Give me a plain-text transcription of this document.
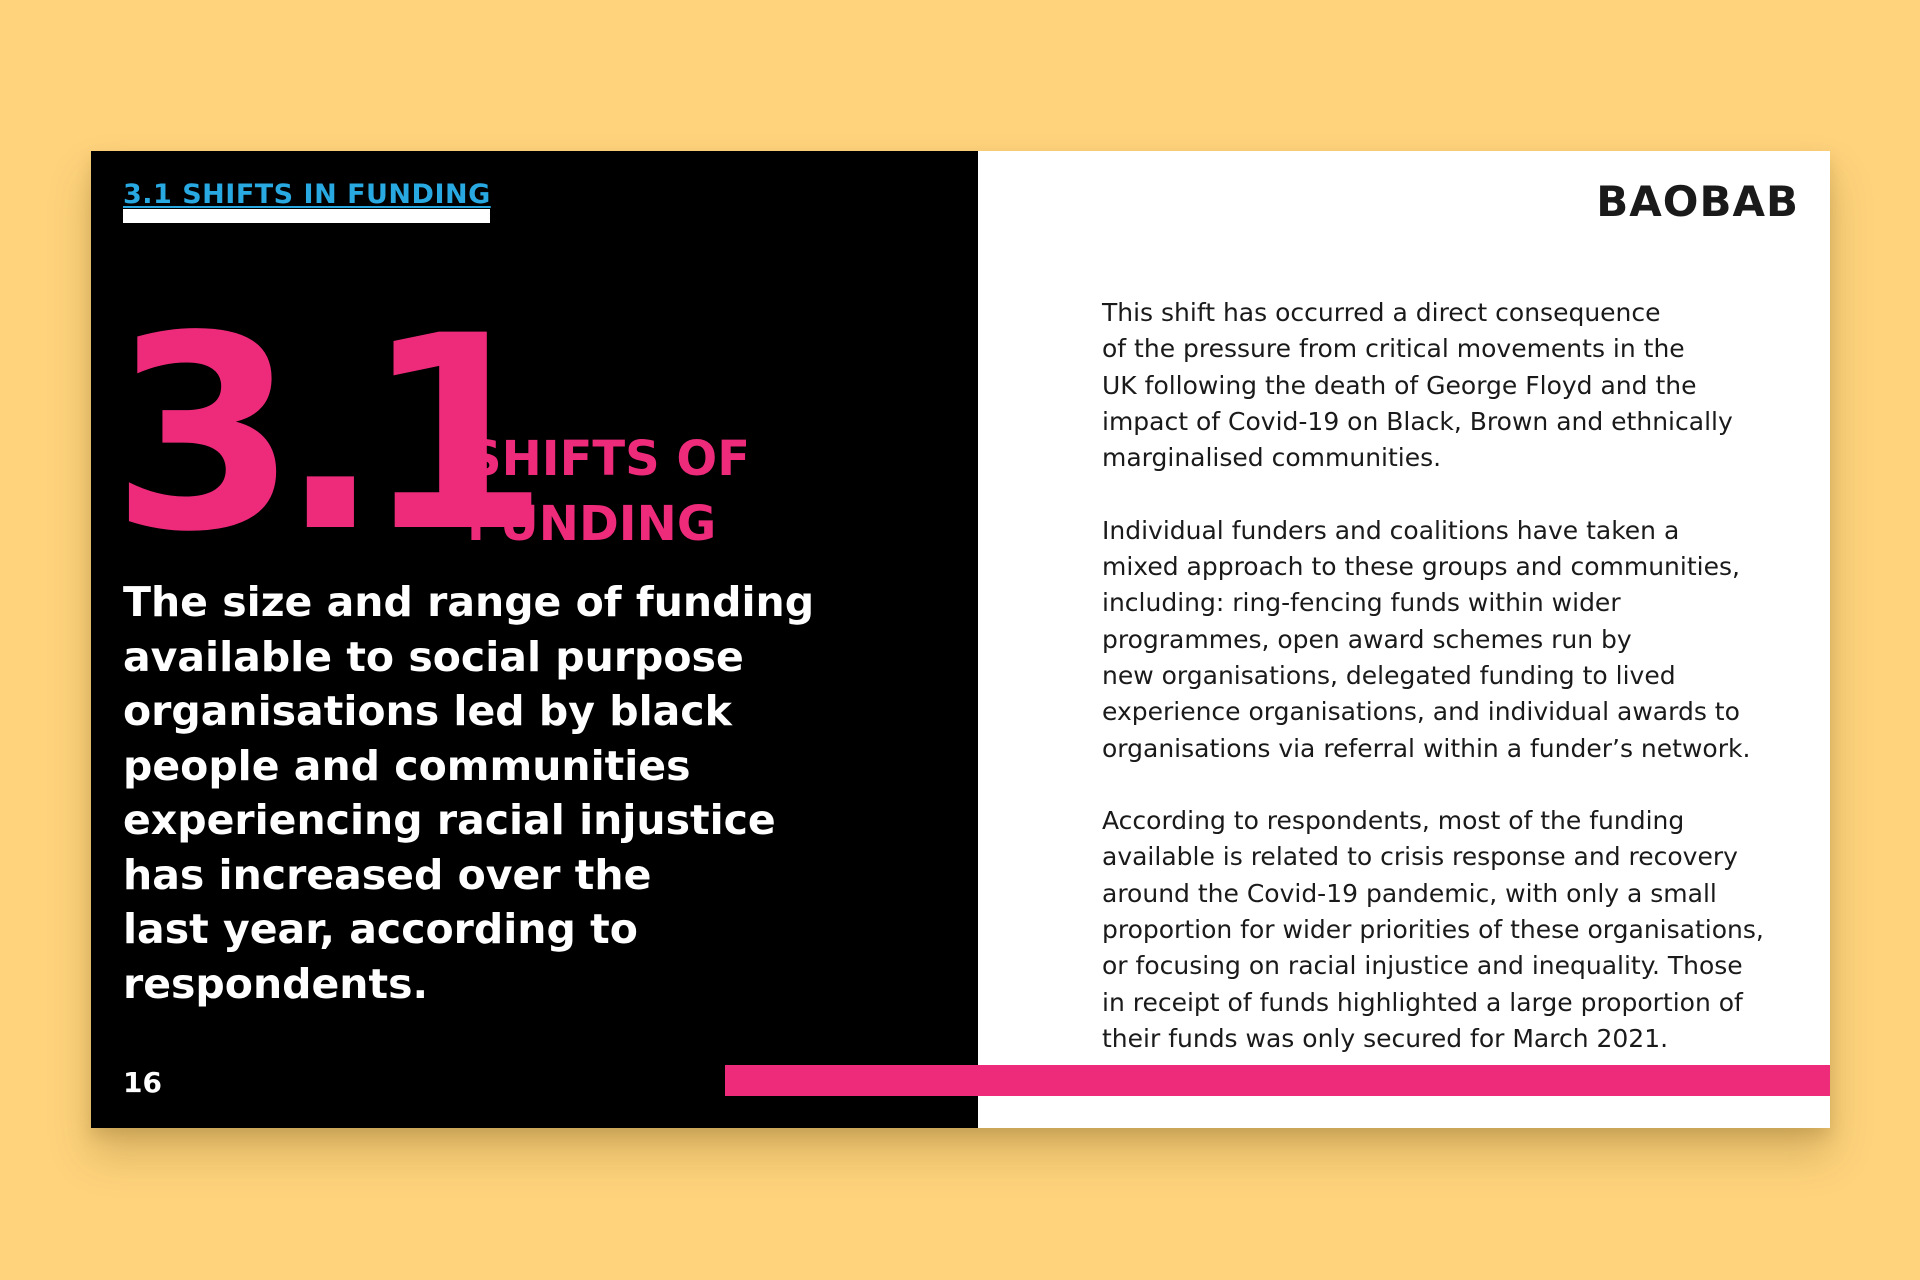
3.1 SHIFTS IN FUNDING
3.1
SHIFTS OF
FUNDING

The size and range of funding
available to social purpose
organisations led by black
people and communities
experiencing racial injustice
has increased over the
last year, according to
respondents.

16
BAOBAB

This shift has occurred a direct consequence
of the pressure from critical movements in the
UK following the death of George Floyd and the
impact of Covid-19 on Black, Brown and ethnically
marginalised communities.

Individual funders and coalitions have taken a
mixed approach to these groups and communities,
including: ring-fencing funds within wider
programmes, open award schemes run by
new organisations, delegated funding to lived
experience organisations, and individual awards to
organisations via referral within a funder’s network.

According to respondents, most of the funding
available is related to crisis response and recovery
around the Covid-19 pandemic, with only a small
proportion for wider priorities of these organisations,
or focusing on racial injustice and inequality. Those
in receipt of funds highlighted a large proportion of
their funds was only secured for March 2021.
